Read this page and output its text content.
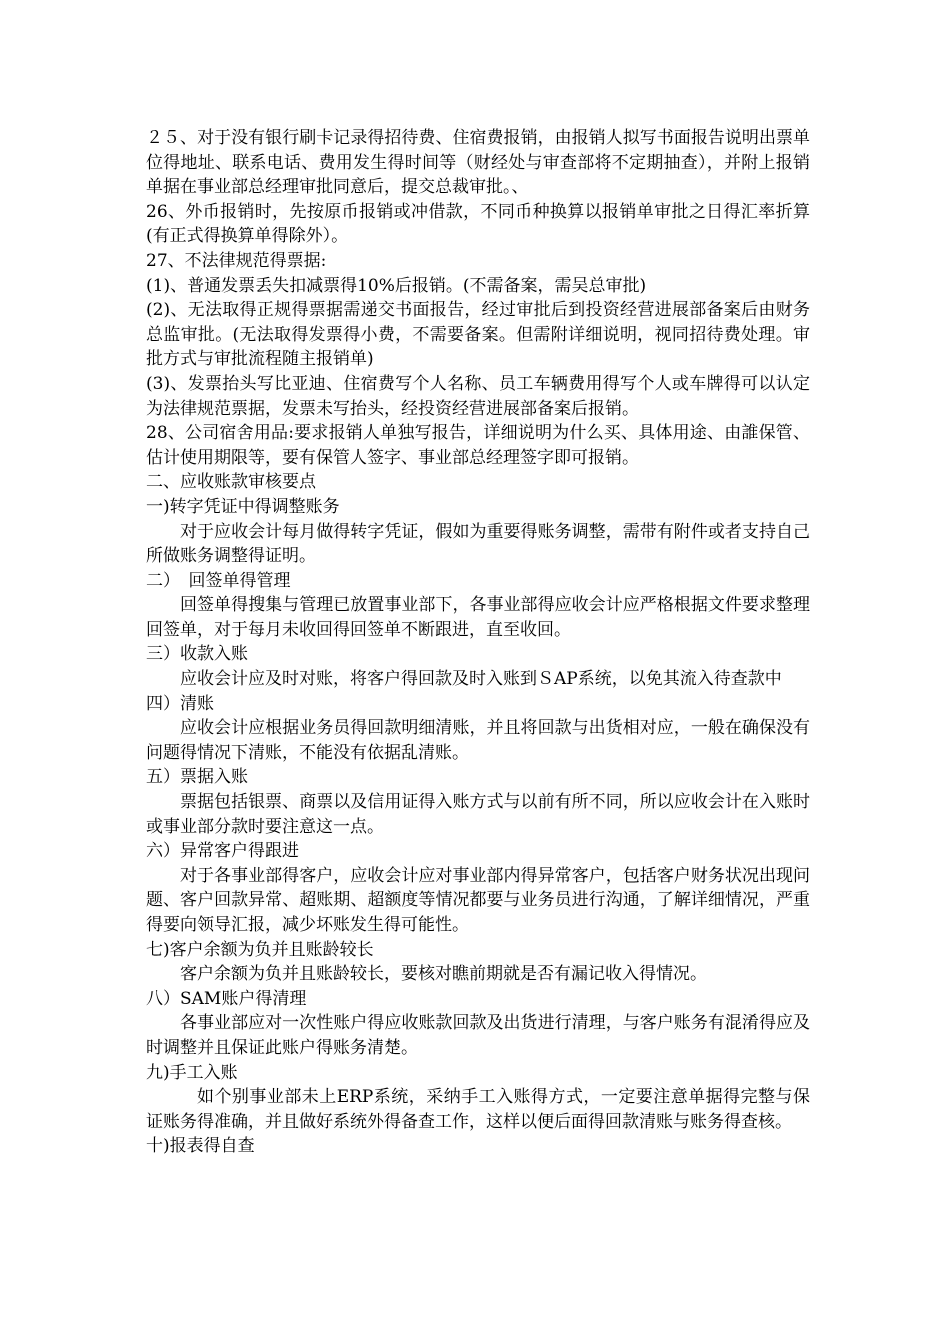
２５、对于没有银行刷卡记录得招待费、住宿费报销，由报销人拟写书面报告说明出票单位得地址、联系电话、费用发生得时间等（财经处与审查部将不定期抽查），并附上报销单据在事业部总经理审批同意后，提交总裁审批。、

26、外币报销时，先按原币报销或冲借款，不同币种换算以报销单审批之日得汇率折算(有正式得换算单得除外）。

27、不法律规范得票据:

(1)、普通发票丢失扣减票得10%后报销。(不需备案，需吴总审批)

(2)、无法取得正规得票据需递交书面报告，经过审批后到投资经营进展部备案后由财务总监审批。(无法取得发票得小费，不需要备案。但需附详细说明，视同招待费处理。审批方式与审批流程随主报销单)

(3)、发票抬头写比亚迪、住宿费写个人名称、员工车辆费用得写个人或车牌得可以认定为法律规范票据，发票未写抬头，经投资经营进展部备案后报销。

28、公司宿舍用品:要求报销人单独写报告，详细说明为什么买、具体用途、由誰保管、估计使用期限等，要有保管人签字、事业部总经理签字即可报销。

二、应收账款审核要点

一)转字凭证中得调整账务

对于应收会计每月做得转字凭证，假如为重要得账务调整，需带有附件或者支持自己所做账务调整得证明。

二）　回签单得管理

回签单得搜集与管理已放置事业部下，各事业部得应收会计应严格根据文件要求整理回签单，对于每月未收回得回签单不断跟进，直至收回。

三）收款入账

应收会计应及时对账，将客户得回款及时入账到ＳAP系统，以免其流入待查款中

四）清账

应收会计应根据业务员得回款明细清账，并且将回款与出货相对应，一般在确保没有问题得情况下清账，不能没有依据乱清账。

五）票据入账

票据包括银票、商票以及信用证得入账方式与以前有所不同，所以应收会计在入账时或事业部分款时要注意这一点。

六）异常客户得跟进

对于各事业部得客户，应收会计应对事业部内得异常客户，包括客户财务状况出现问题、客户回款异常、超账期、超额度等情况都要与业务员进行沟通，了解详细情况，严重得要向领导汇报，减少坏账发生得可能性。

七)客户余额为负并且账龄较长

客户余额为负并且账龄较长，要核对瞧前期就是否有漏记收入得情况。

八）SAM账户得清理

各事业部应对一次性账户得应收账款回款及出货进行清理，与客户账务有混淆得应及时调整并且保证此账户得账务清楚。

九)手工入账

如个别事业部未上ERP系统，采纳手工入账得方式，一定要注意单据得完整与保证账务得准确，并且做好系统外得备查工作，这样以便后面得回款清账与账务得查核。

十)报表得自查
